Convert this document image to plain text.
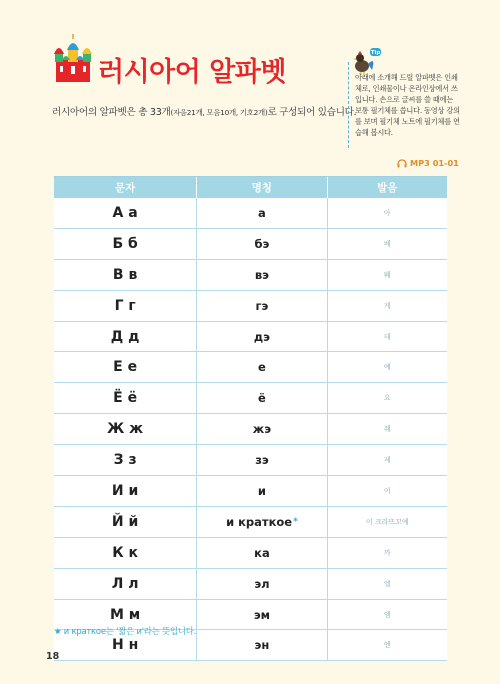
러시아어 알파벳
러시아어의 알파벳은 총 33개(자음21개, 모음10개, 기호2개)로 구성되어 있습니다.
Tip
아래에 소개해 드릴 알파벳은 인쇄체로, 인쇄물이나 온라인상에서 쓰입니다. 손으로 글씨를 쓸 때에는 보통 필기체를 씁니다. 동영상 강의를 보며 필기체 노트에 필기체를 연습해 봅시다.
MP3 01-01
문자	명칭	발음
А а	а	아
Б б	бэ	베
В в	вэ	붸
Г г	гэ	게
Д д	дэ	데
Е е	е	예
Ё ё	ё	요
Ж ж	жэ	줴
З з	зэ	제
И и	и	이
Й й	и краткое *	이 크라뜨꼬예
К к	ка	까
Л л	эл	엘
М м	эм	엠
Н н	эн	엔
★ и краткое는 '짧은 и'라는 뜻입니다.
18
